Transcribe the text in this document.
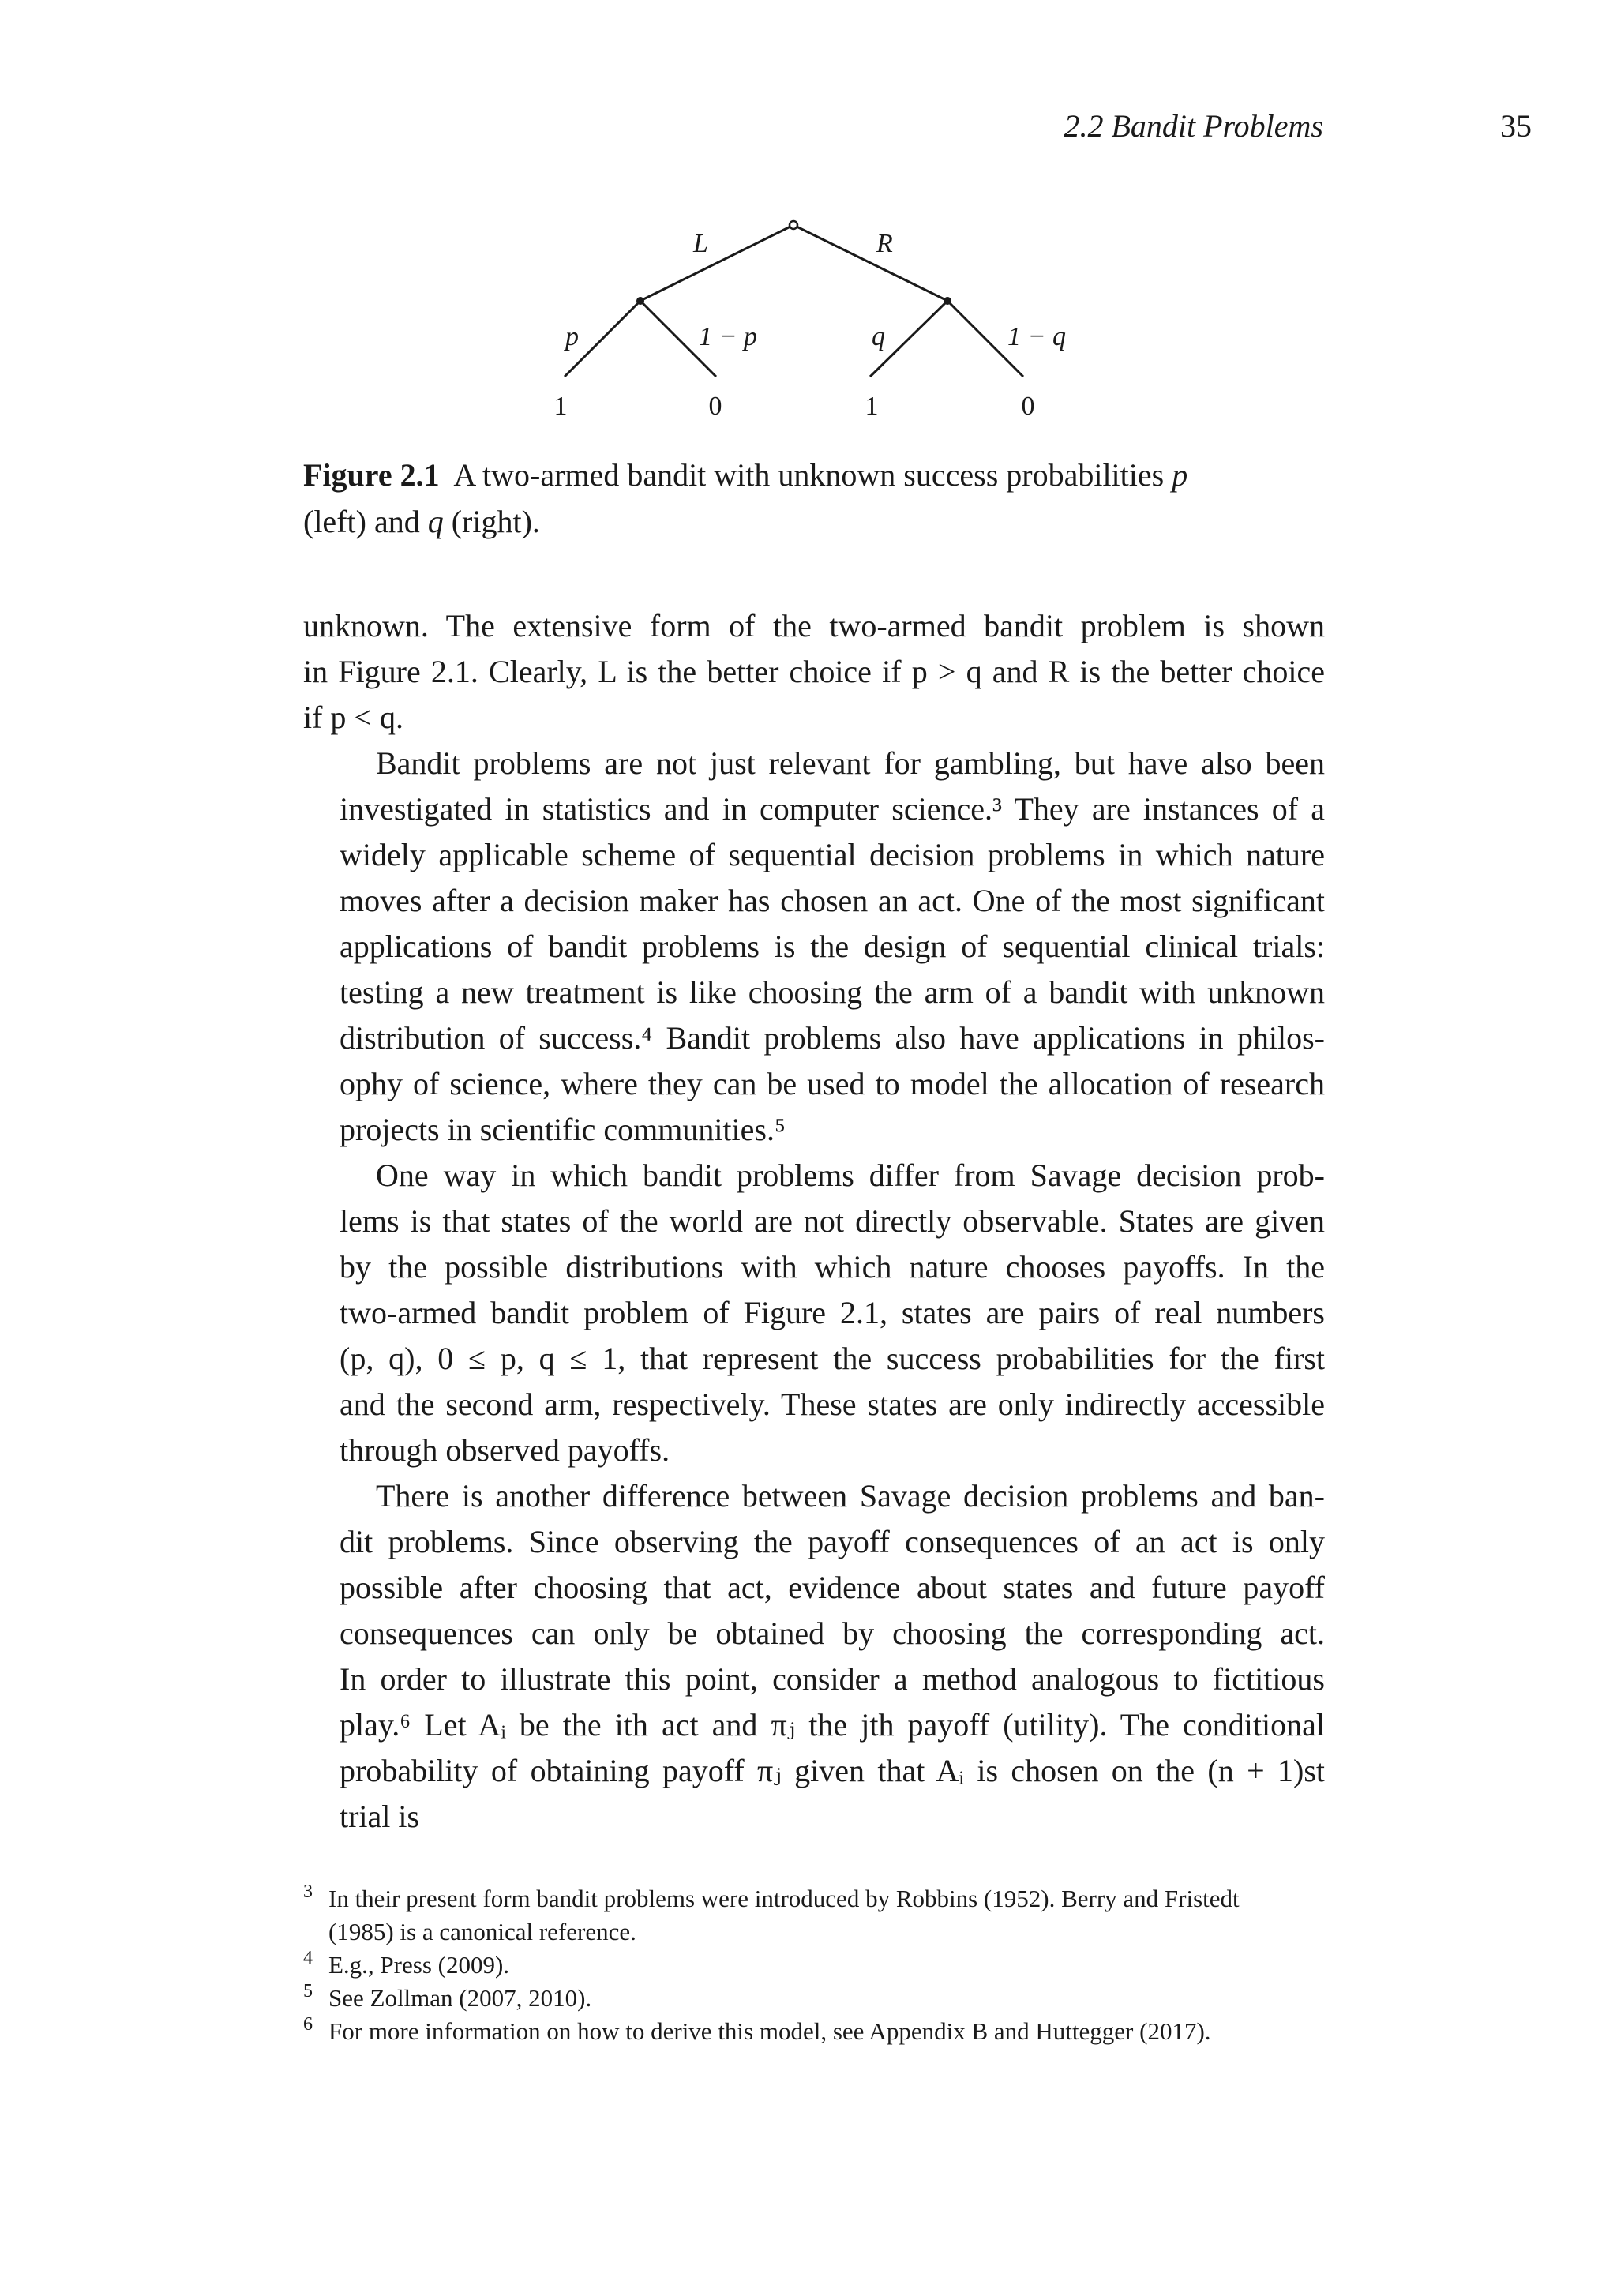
2.2 Bandit Problems	35
L	R
p	1 − p	q	1 − q
1	0	1	0
Figure 2.1 A two-armed bandit with unknown success probabilities p
(left) and q (right).
unknown. The extensive form of the two-armed bandit problem is shown
in Figure 2.1. Clearly, L is the better choice if p > q and R is the better choice
if p < q.
Bandit problems are not just relevant for gambling, but have also been
investigated in statistics and in computer science.³ They are instances of a
widely applicable scheme of sequential decision problems in which nature
moves after a decision maker has chosen an act. One of the most significant
applications of bandit problems is the design of sequential clinical trials:
testing a new treatment is like choosing the arm of a bandit with unknown
distribution of success.⁴ Bandit problems also have applications in philos-
ophy of science, where they can be used to model the allocation of research
projects in scientific communities.⁵
One way in which bandit problems differ from Savage decision prob-
lems is that states of the world are not directly observable. States are given
by the possible distributions with which nature chooses payoffs. In the
two-armed bandit problem of Figure 2.1, states are pairs of real numbers
(p, q), 0 ≤ p, q ≤ 1, that represent the success probabilities for the first
and the second arm, respectively. These states are only indirectly accessible
through observed payoffs.
There is another difference between Savage decision problems and ban-
dit problems. Since observing the payoff consequences of an act is only
possible after choosing that act, evidence about states and future payoff
consequences can only be obtained by choosing the corresponding act.
In order to illustrate this point, consider a method analogous to fictitious
play.⁶ Let Aᵢ be the ith act and πⱼ the jth payoff (utility). The conditional
probability of obtaining payoff πⱼ given that Aᵢ is chosen on the (n + 1)st
trial is
3 In their present form bandit problems were introduced by Robbins (1952). Berry and Fristedt
(1985) is a canonical reference.
4 E.g., Press (2009).
5 See Zollman (2007, 2010).
6 For more information on how to derive this model, see Appendix B and Huttegger (2017).
